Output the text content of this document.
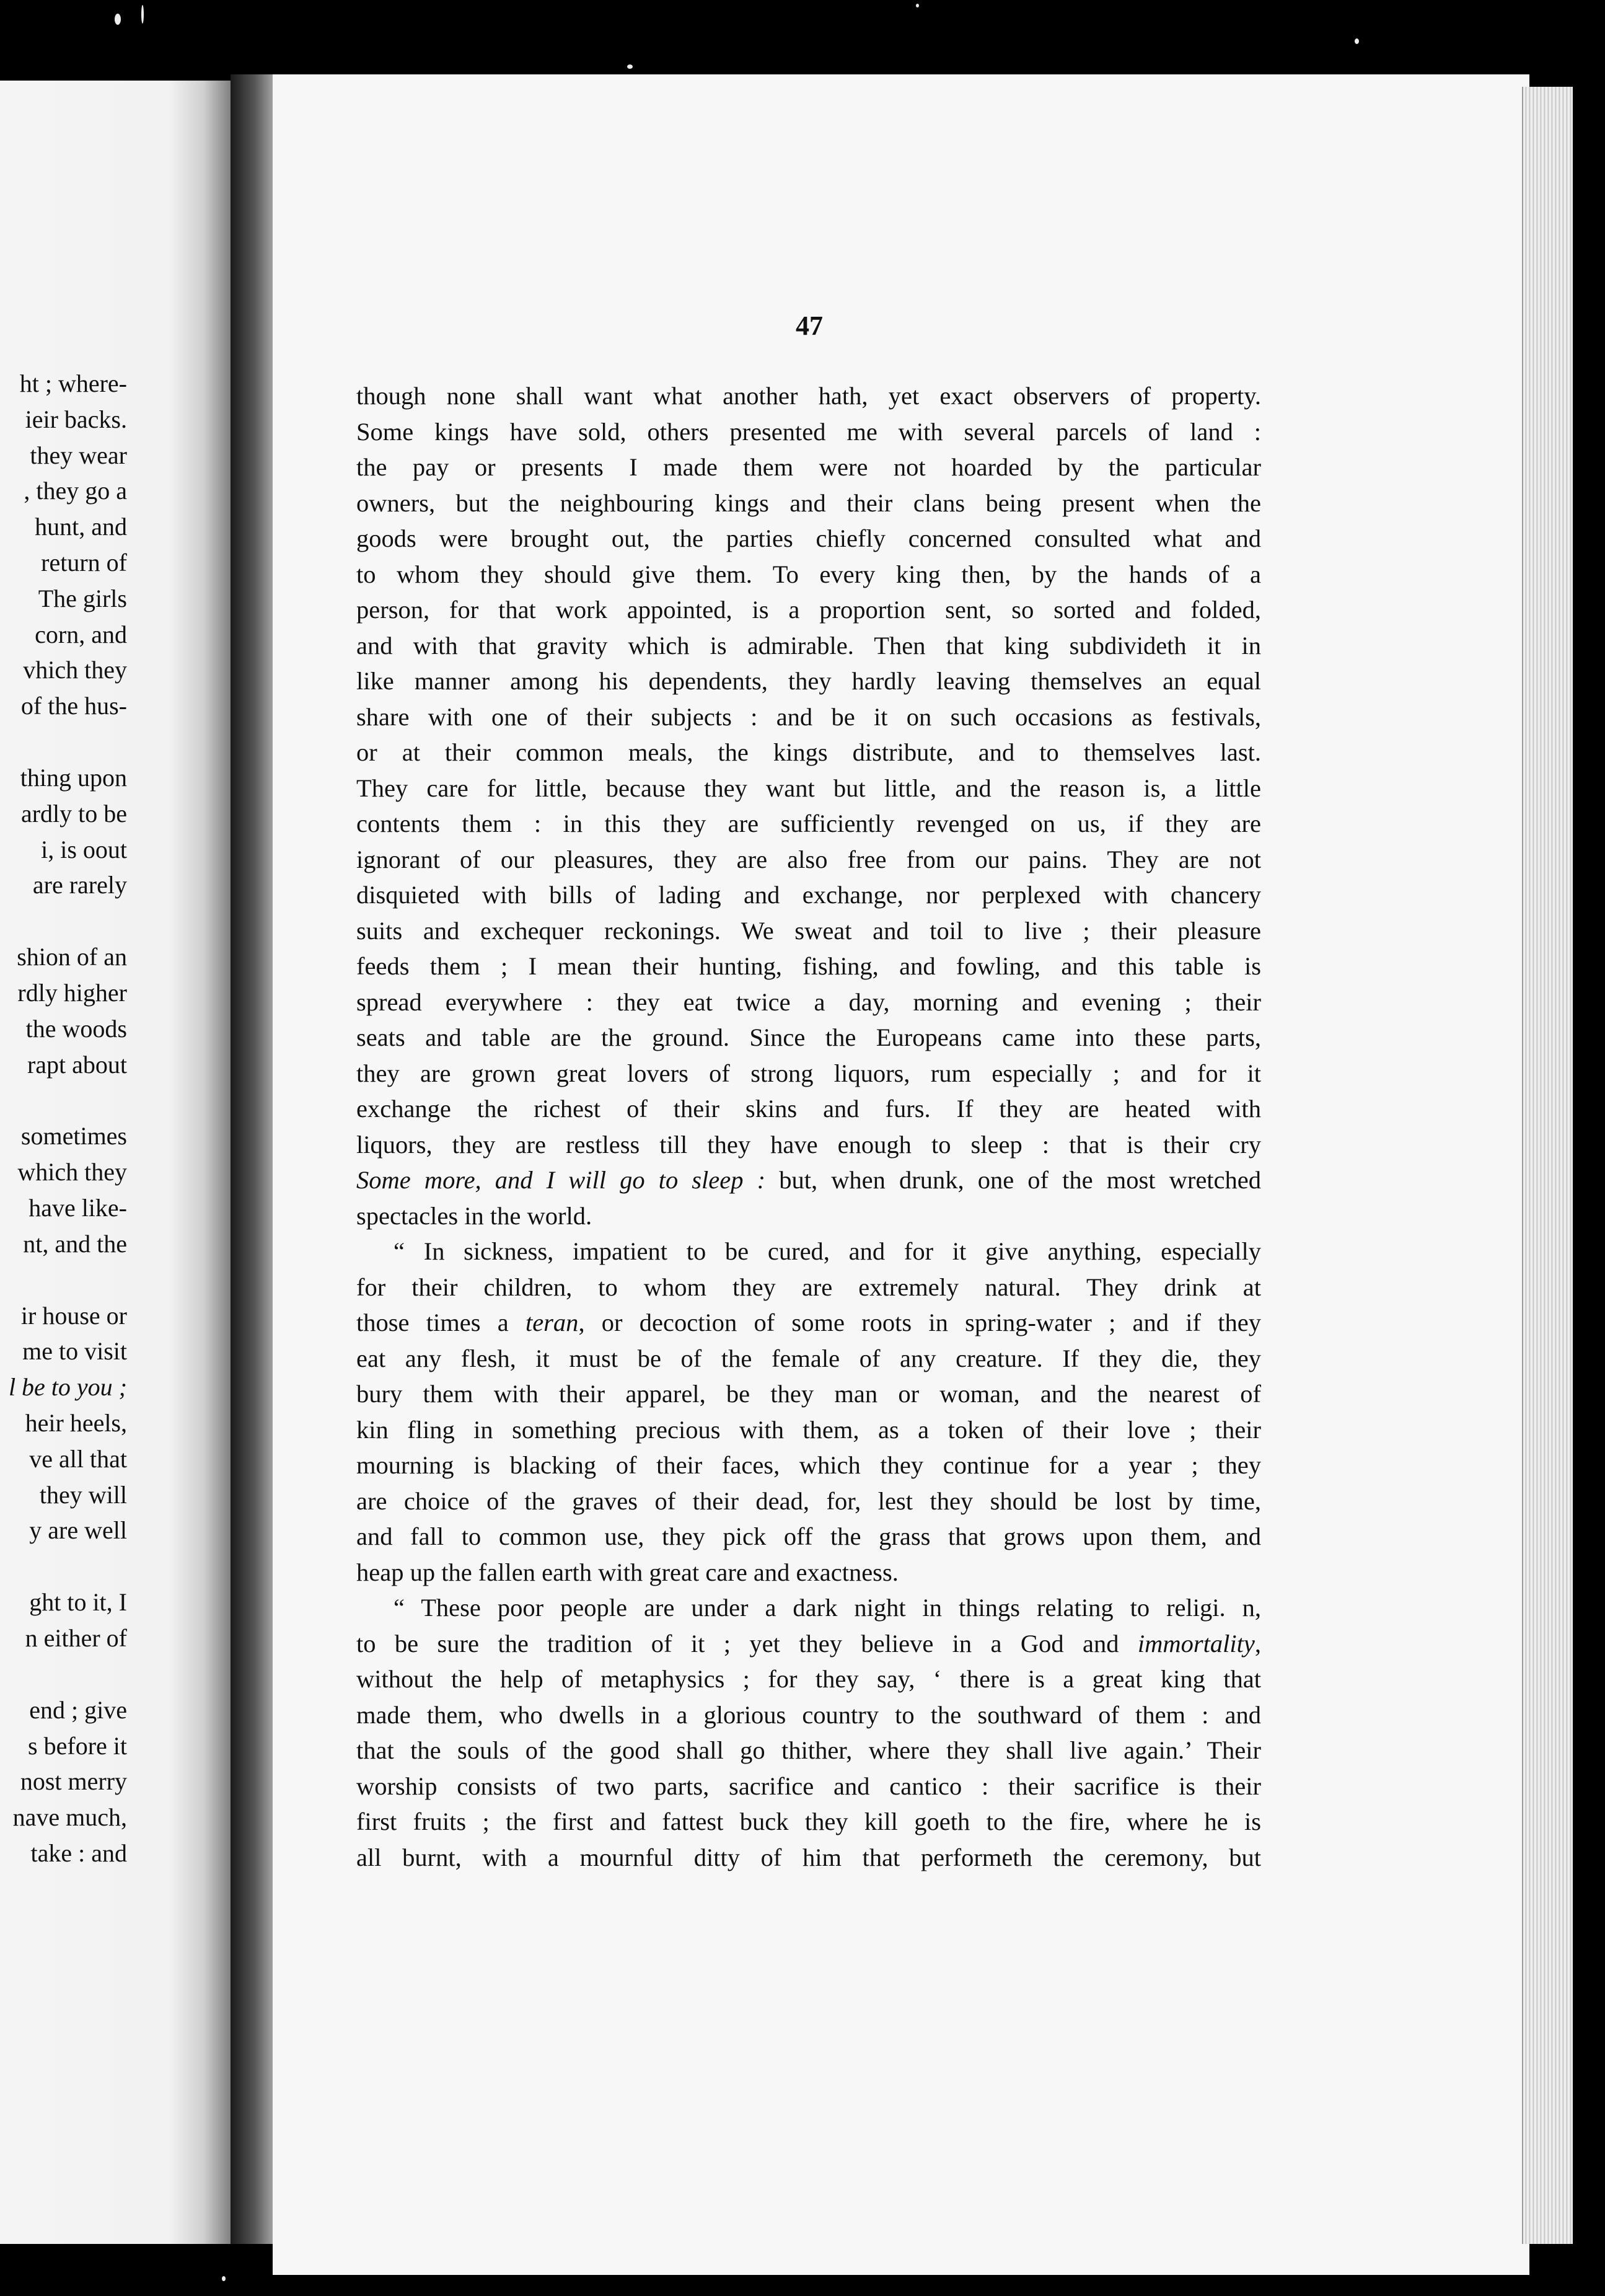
ht ; where-
ieir backs.
they wear
, they go a
hunt, and
return of
The girls
corn, and
vhich they
of the hus-
thing upon
ardly to be
i, is oout
are rarely
shion of an
rdly higher
the woods
rapt about
sometimes
which they
have like-
nt, and the
ir house or
me to visit
l be to you ;
heir heels,
ve all that
they will
y are well
ght to it, I
n either of
end ; give
s before it
nost merry
nave much,
take : and
47
though none shall want what another hath, yet exact observers of property.
Some kings have sold, others presented me with several parcels of land :
the pay or presents I made them were not hoarded by the particular
owners, but the neighbouring kings and their clans being present when the
goods were brought out, the parties chiefly concerned consulted what and
to whom they should give them. To every king then, by the hands of a
person, for that work appointed, is a proportion sent, so sorted and folded,
and with that gravity which is admirable. Then that king subdivideth it in
like manner among his dependents, they hardly leaving themselves an equal
share with one of their subjects : and be it on such occasions as festivals,
or at their common meals, the kings distribute, and to themselves last.
They care for little, because they want but little, and the reason is, a little
contents them : in this they are sufficiently revenged on us, if they are
ignorant of our pleasures, they are also free from our pains. They are not
disquieted with bills of lading and exchange, nor perplexed with chancery
suits and exchequer reckonings. We sweat and toil to live ; their pleasure
feeds them ; I mean their hunting, fishing, and fowling, and this table is
spread everywhere : they eat twice a day, morning and evening ; their
seats and table are the ground. Since the Europeans came into these parts,
they are grown great lovers of strong liquors, rum especially ; and for it
exchange the richest of their skins and furs. If they are heated with
liquors, they are restless till they have enough to sleep : that is their cry
Some more, and I will go to sleep : but, when drunk, one of the most wretched
spectacles in the world.
“ In sickness, impatient to be cured, and for it give anything, especially
for their children, to whom they are extremely natural. They drink at
those times a teran, or decoction of some roots in spring-water ; and if they
eat any flesh, it must be of the female of any creature. If they die, they
bury them with their apparel, be they man or woman, and the nearest of
kin fling in something precious with them, as a token of their love ; their
mourning is blacking of their faces, which they continue for a year ; they
are choice of the graves of their dead, for, lest they should be lost by time,
and fall to common use, they pick off the grass that grows upon them, and
heap up the fallen earth with great care and exactness.
“ These poor people are under a dark night in things relating to religi. n,
to be sure the tradition of it ; yet they believe in a God and immortality,
without the help of metaphysics ; for they say, ‘ there is a great king that
made them, who dwells in a glorious country to the southward of them : and
that the souls of the good shall go thither, where they shall live again.’ Their
worship consists of two parts, sacrifice and cantico : their sacrifice is their
first fruits ; the first and fattest buck they kill goeth to the fire, where he is
all burnt, with a mournful ditty of him that performeth the ceremony, but
